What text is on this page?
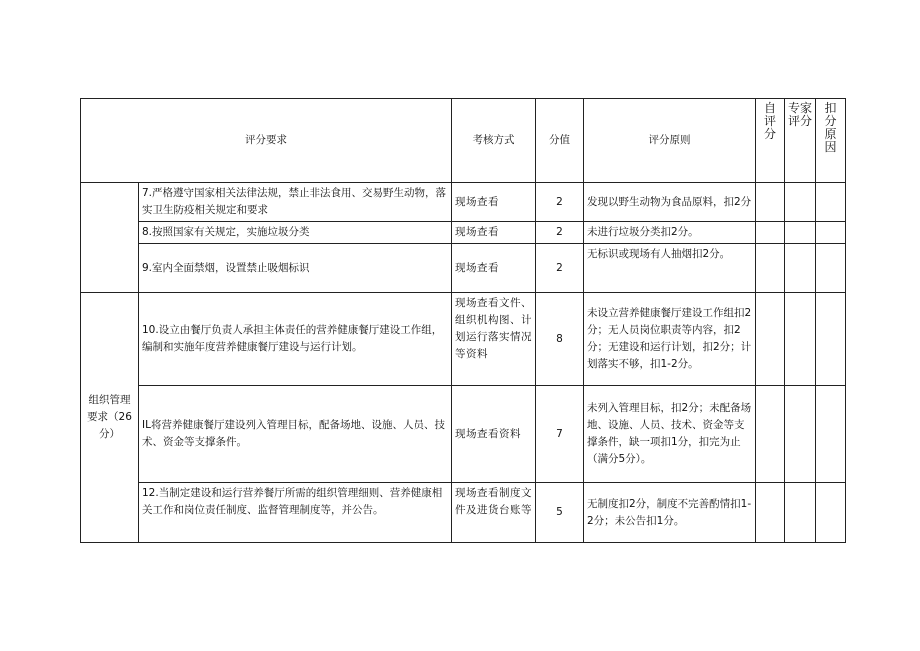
评分要求		考核方式	分值	评分原则	自评分	专家评分	扣分原因
	7.严格遵守国家相关法律法规，禁止非法食用、交易野生动物，落实卫生防疫相关规定和要求	现场查看	2	发现以野生动物为食品原料，扣2分			
	8.按照国家有关规定，实施垃圾分类	现场查看	2	未进行垃圾分类扣2分。			
	9.室内全面禁烟，设置禁止吸烟标识	现场查看	2	无标识或现场有人抽烟扣2分。			
组织管理要求（26分）	10.设立由餐厅负责人承担主体责任的营养健康餐厅建设工作组，编制和实施年度营养健康餐厅建设与运行计划。	现场查看文件、组织机构图、计划运行落实情况等资料	8	未设立营养健康餐厅建设工作组扣2分；无人员岗位职责等内容，扣2分；无建设和运行计划，扣2分；计划落实不够，扣1-2分。			
	IL将营养健康餐厅建设列入管理目标，配备场地、设施、人员、技术、资金等支撑条件。	现场查看资料	7	未列入管理目标，扣2分；未配备场地、设施、人员、技术、资金等支撑条件，缺一项扣1分，扣完为止（满分5分）。			
	12.当制定建设和运行营养餐厅所需的组织管理细则、营养健康相关工作和岗位责任制度、监督管理制度等，并公告。	现场查看制度文件及进货台账等	5	无制度扣2分，制度不完善酌情扣1-2分；未公告扣1分。			
